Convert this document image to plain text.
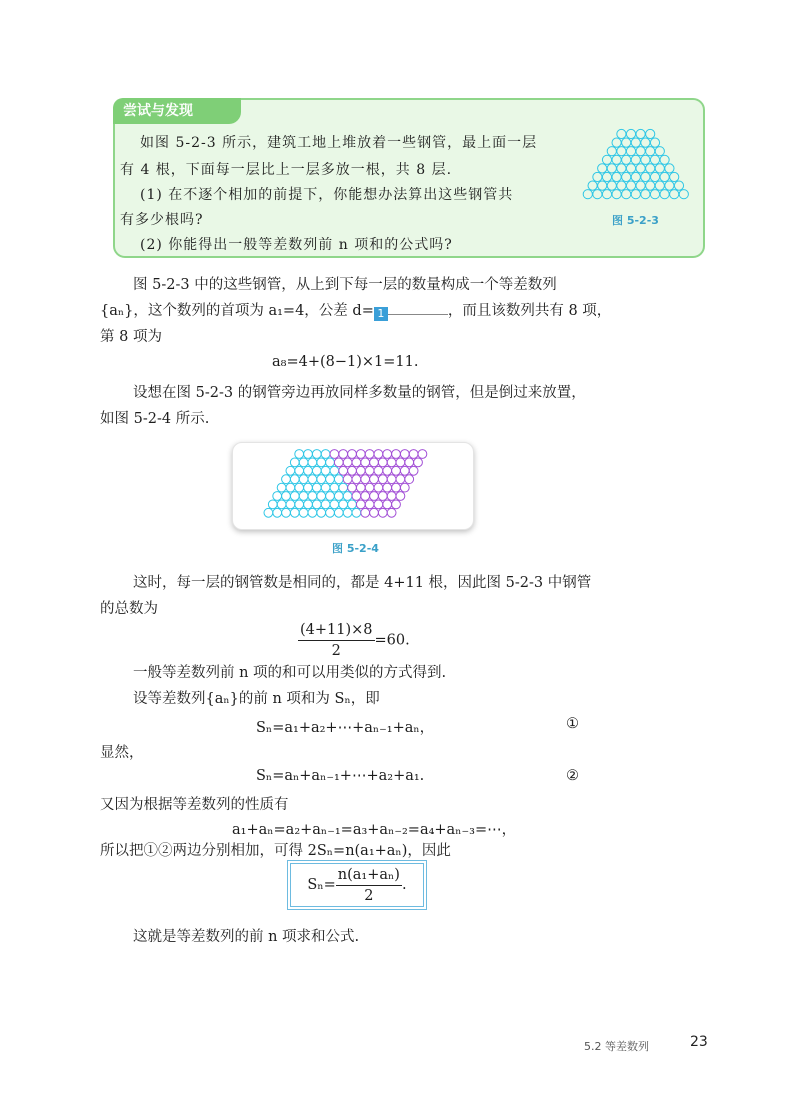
尝试与发现
如图 5-2-3 所示，建筑工地上堆放着一些钢管，最上面一层
有 4 根，下面每一层比上一层多放一根，共 8 层.
(1) 在不逐个相加的前提下，你能想办法算出这些钢管共
有多少根吗?
(2) 你能得出一般等差数列前 n 项和的公式吗?
图 5-2-3
图 5-2-3 中的这些钢管，从上到下每一层的数量构成一个等差数列
{aₙ}，这个数列的首项为 a₁=4，公差 d= 1	，而且该数列共有 8 项，
第 8 项为
a₈=4+(8−1)×1=11.
设想在图 5-2-3 的钢管旁边再放同样多数量的钢管，但是倒过来放置，
如图 5-2-4 所示.
图 5-2-4
这时，每一层的钢管数是相同的，都是 4+11 根，因此图 5-2-3 中钢管
的总数为
$\frac{(4+11)\times 8}{2} =60$.
一般等差数列前 n 项的和可以用类似的方式得到.
设等差数列{aₙ}的前 n 项和为 Sₙ，即
Sₙ=a₁+a₂+⋯+aₙ₋₁+aₙ，	①
显然，
Sₙ=aₙ+aₙ₋₁+⋯+a₂+a₁.	②
又因为根据等差数列的性质有
a₁+aₙ=a₂+aₙ₋₁=a₃+aₙ₋₂=a₄+aₙ₋₃=⋯，
所以把①②两边分别相加，可得 2Sₙ=n(a₁+aₙ)，因此
$S_n= \frac{\text{n(a₁+aₙ)}}{2}$ .
这就是等差数列的前 n 项求和公式.
5.2 等差数列	23
